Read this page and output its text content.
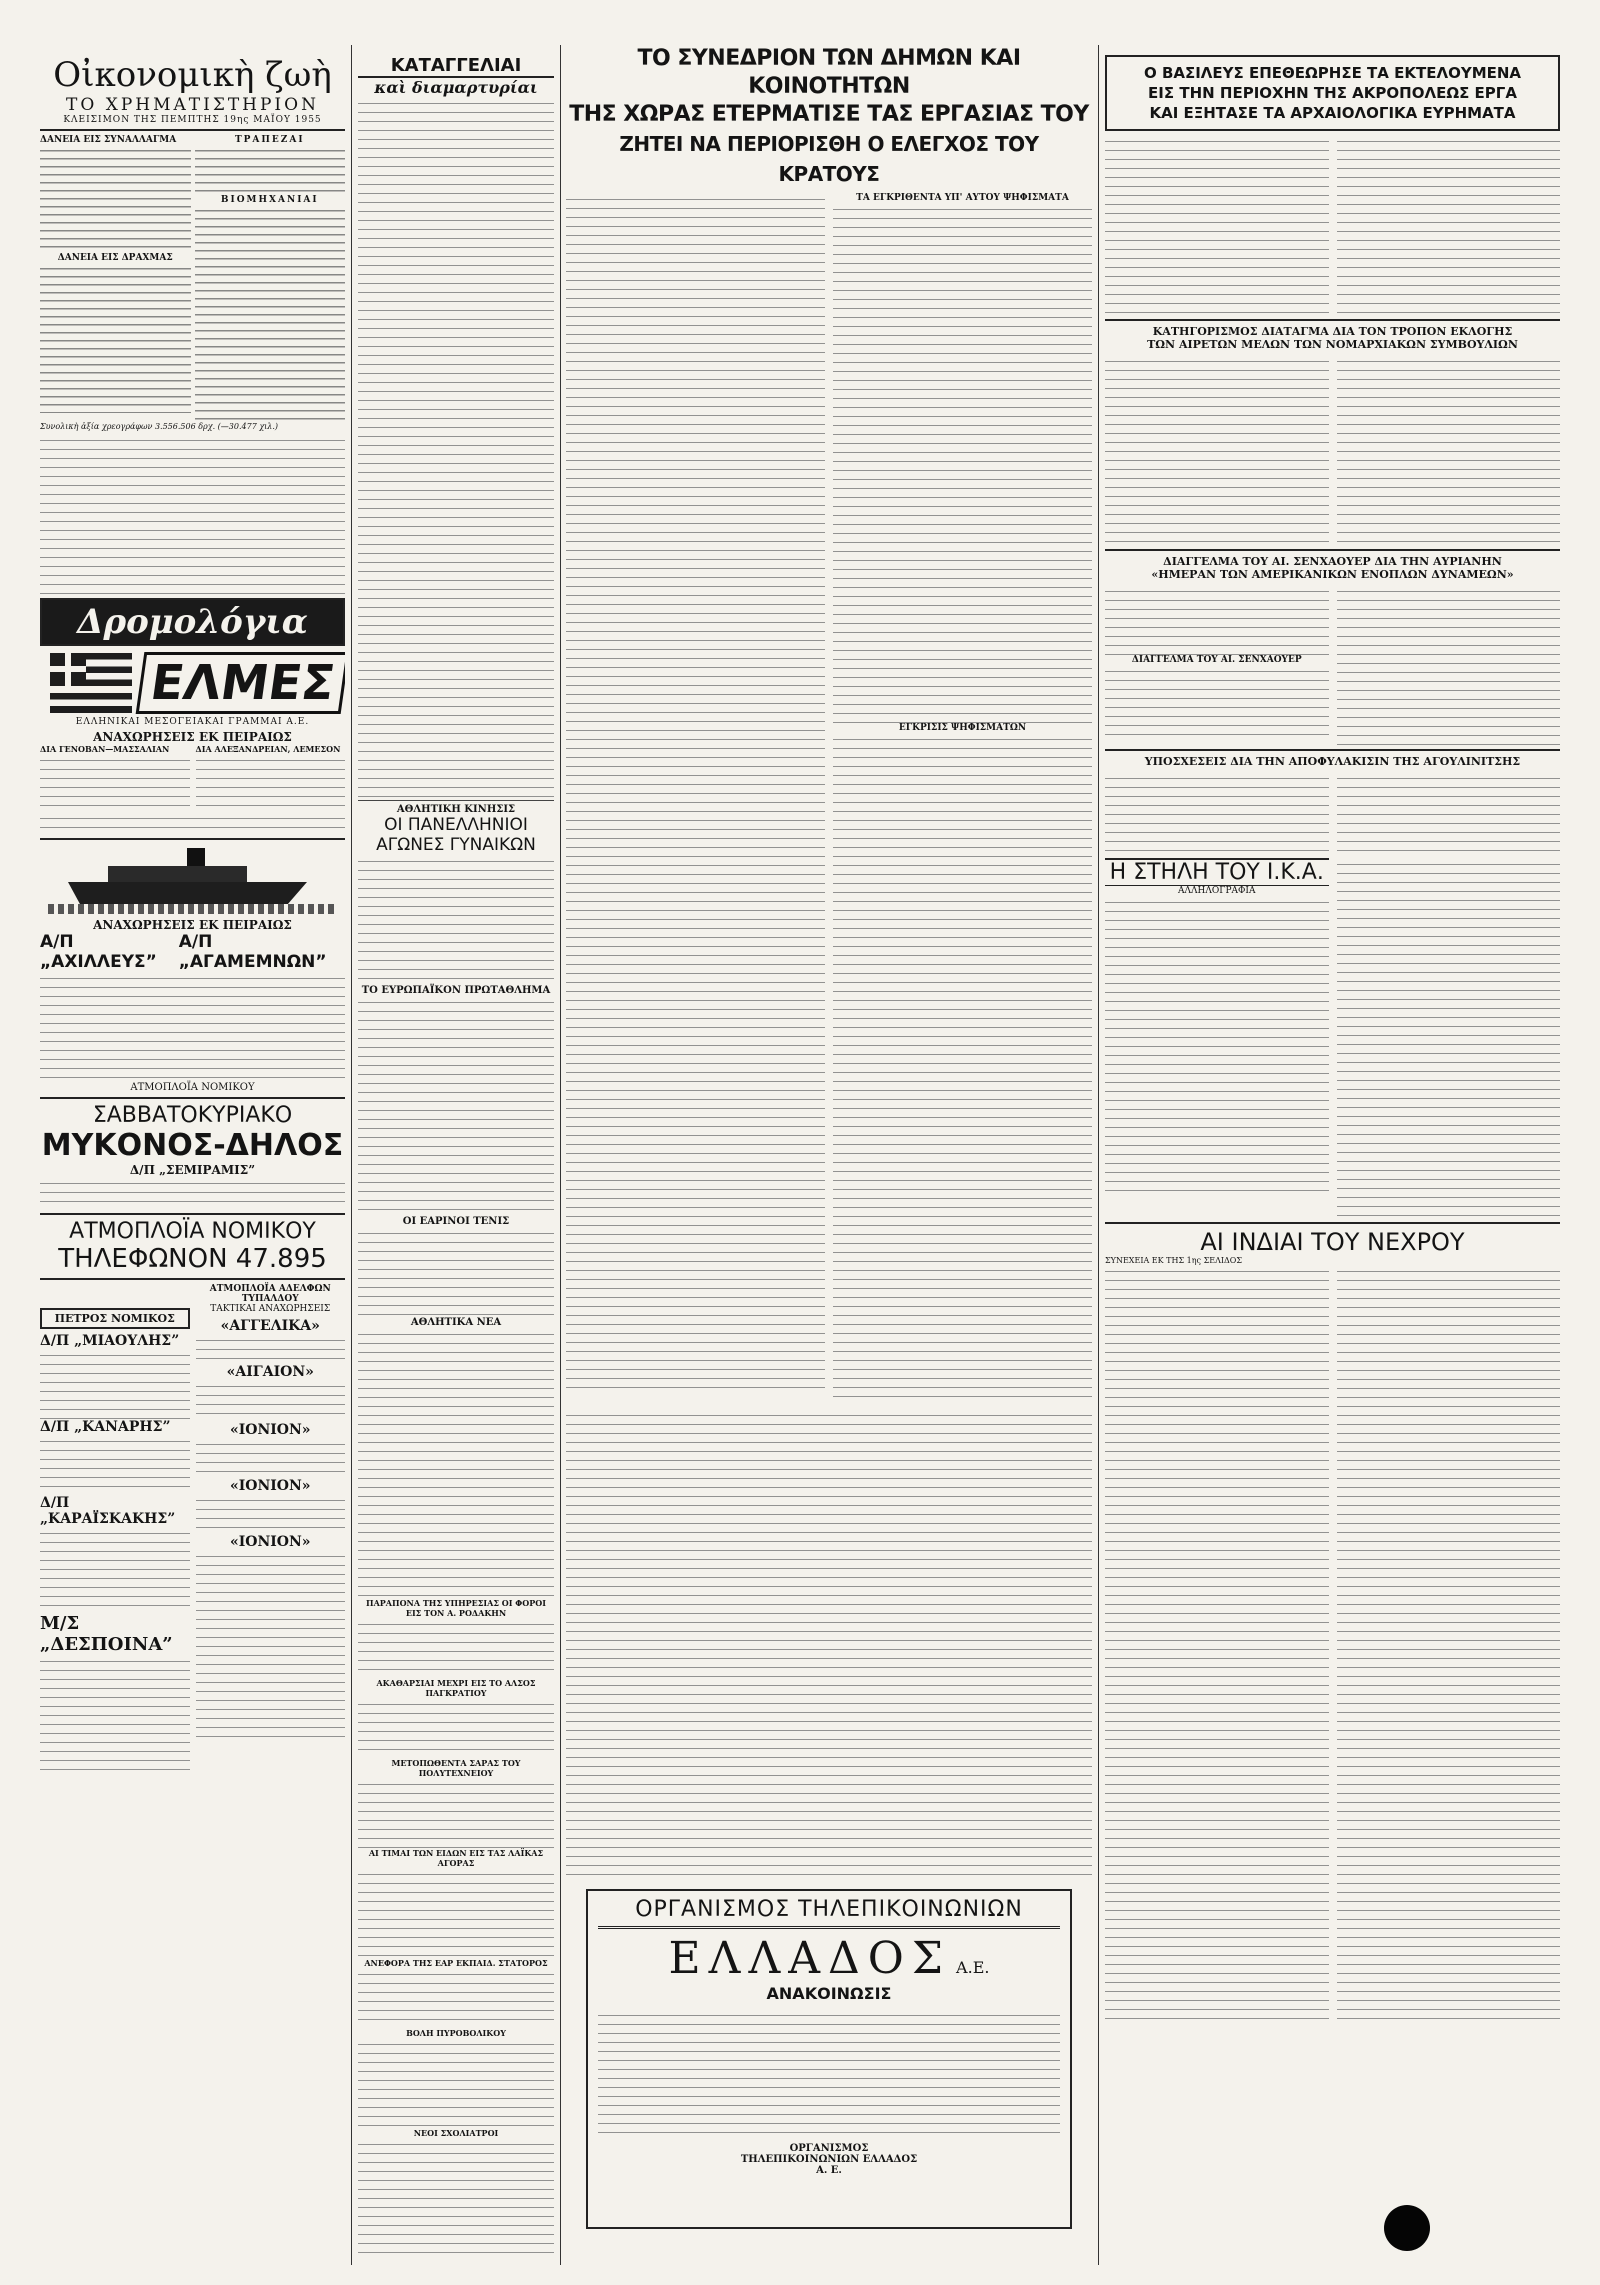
Οἰκονομικὴ ζωὴ
ΤΟ ΧΡΗΜΑΤΙΣΤΗΡΙΟΝ
ΚΛΕΙΣΙΜΟΝ ΤΗΣ ΠΕΜΠΤΗΣ 19ης ΜΑΪΟΥ 1955
ΔΑΝΕΙΑ ΕΙΣ ΣΥΝΑΛΛΑΓΜΑ
ΔΑΝΕΙΑ ΕΙΣ ΔΡΑΧΜΑΣ
ΤΡΑΠΕΖΑΙ
ΒΙΟΜΗΧΑΝΙΑΙ
Συνολικὴ ἀξία χρεογράφων 3.556.506 δρχ. (—30.477 χιλ.)
Δρομολόγια
ΕΛΜΕΣ
ΕΛΛΗΝΙΚΑΙ ΜΕΣΟΓΕΙΑΚΑΙ ΓΡΑΜΜΑΙ Α.Ε.
ΑΝΑΧΩΡΗΣΕΙΣ ΕΚ ΠΕΙΡΑΙΩΣ
ΔΙΑ ΓΕΝΟΒΑΝ—ΜΑΣΣΑΛΙΑΝ	ΔΙΑ ΑΛΕΞΑΝΔΡΕΙΑΝ, ΛΕΜΕΣΟΝ
ΑΝΑΧΩΡΗΣΕΙΣ ΕΚ ΠΕΙΡΑΙΩΣ
Α/Π „ΑΧΙΛΛΕΥΣ”
Α/Π „ΑΓΑΜΕΜΝΩΝ”
ΑΤΜΟΠΛΟΪΑ ΝΟΜΙΚΟΥ
ΣΑΒΒΑΤΟΚΥΡΙΑΚΟ
ΜΥΚΟΝΟΣ-ΔΗΛΟΣ
Δ/Π „ΣΕΜΙΡΑΜΙΣ”
ΑΤΜΟΠΛΟΪΑ ΝΟΜΙΚΟΥ
ΤΗΛΕΦΩΝΟΝ 47.895
ΠΕΤΡΟΣ ΝΟΜΙΚΟΣ
Δ/Π „ΜΙΑΟΥΛΗΣ”
Δ/Π „ΚΑΝΑΡΗΣ”
Δ/Π „ΚΑΡΑΪΣΚΑΚΗΣ”
Μ/Σ „ΔΕΣΠΟΙΝΑ”
ΑΤΜΟΠΛΟΪΑ ΑΔΕΛΦΩΝ ΤΥΠΑΛΔΟΥ
ΤΑΚΤΙΚΑΙ ΑΝΑΧΩΡΗΣΕΙΣ
«ΑΓΓΕΛΙΚΑ»
«ΑΙΓΑΙΟΝ»
«ΙΟΝΙΟΝ»
«ΙΟΝΙΟΝ»
«ΙΟΝΙΟΝ»
ΚΑΤΑΓΓΕΛΙΑΙ
καὶ διαμαρτυρίαι
ΑΘΛΗΤΙΚΗ ΚΙΝΗΣΙΣ
ΟΙ ΠΑΝΕΛΛΗΝΙΟΙ ΑΓΩΝΕΣ ΓΥΝΑΙΚΩΝ
ΤΟ ΕΥΡΩΠΑΪΚΟΝ ΠΡΩΤΑΘΛΗΜΑ
ΟΙ ΕΑΡΙΝΟΙ ΤΕΝΙΣ
ΑΘΛΗΤΙΚΑ ΝΕΑ
ΠΑΡΑΠΟΝΑ ΤΗΣ ΥΠΗΡΕΣΙΑΣ ΟΙ ΦΟΡΟΙ ΕΙΣ ΤΟΝ Α. ΡΟΔΑΚΗΝ
ΑΚΑΘΑΡΣΙΑΙ ΜΕΧΡΙ ΕΙΣ ΤΟ ΑΛΣΟΣ ΠΑΓΚΡΑΤΙΟΥ
ΜΕΤΟΠΩΘΕΝΤΑ ΣΑΡΑΣ ΤΟΥ ΠΟΛΥΤΕΧΝΕΙΟΥ
ΑΙ ΤΙΜΑΙ ΤΩΝ ΕΙΔΩΝ ΕΙΣ ΤΑΣ ΛΑΪΚΑΣ ΑΓΟΡΑΣ
ΑΝΕΦΟΡΑ ΤΗΣ ΕΑΡ ΕΚΠΑΙΔ. ΣΤΑΤΟΡΟΣ
ΒΟΛΗ ΠΥΡΟΒΟΛΙΚΟΥ
ΝΕΟΙ ΣΧΟΛΙΑΤΡΟΙ
ΤΟ ΣΥΝΕΔΡΙΟΝ ΤΩΝ ΔΗΜΩΝ ΚΑΙ ΚΟΙΝΟΤΗΤΩΝ
ΤΗΣ ΧΩΡΑΣ ΕΤΕΡΜΑΤΙΣΕ ΤΑΣ ΕΡΓΑΣΙΑΣ ΤΟΥ
ΖΗΤΕΙ ΝΑ ΠΕΡΙΟΡΙΣΘΗ Ο ΕΛΕΓΧΟΣ ΤΟΥ ΚΡΑΤΟΥΣ
ΤΑ ΕΓΚΡΙΘΕΝΤΑ ΥΠ' ΑΥΤΟΥ ΨΗΦΙΣΜΑΤΑ
ΕΓΚΡΙΣΙΣ ΨΗΦΙΣΜΑΤΩΝ
ΟΡΓΑΝΙΣΜΟΣ ΤΗΛΕΠΙΚΟΙΝΩΝΙΩΝ
ΕΛΛΑΔΟΣ Α.Ε.
ΑΝΑΚΟΙΝΩΣΙΣ
ΟΡΓΑΝΙΣΜΟΣ ΤΗΛΕΠΙΚΟΙΝΩΝΙΩΝ ΕΛΛΑΔΟΣ Α. Ε.
Ο ΒΑΣΙΛΕΥΣ ΕΠΕΘΕΩΡΗΣΕ ΤΑ ΕΚΤΕΛΟΥΜΕΝΑ
ΕΙΣ ΤΗΝ ΠΕΡΙΟΧΗΝ ΤΗΣ ΑΚΡΟΠΟΛΕΩΣ ΕΡΓΑ
ΚΑΙ ΕΞΗΤΑΣΕ ΤΑ ΑΡΧΑΙΟΛΟΓΙΚΑ ΕΥΡΗΜΑΤΑ
ΚΑΤΗΓΟΡΙΣΜΟΣ ΔΙΑΤΑΓΜΑ ΔΙΑ ΤΟΝ ΤΡΟΠΟΝ ΕΚΛΟΓΗΣ
ΤΩΝ ΑΙΡΕΤΩΝ ΜΕΛΩΝ ΤΩΝ ΝΟΜΑΡΧΙΑΚΩΝ ΣΥΜΒΟΥΛΙΩΝ
ΔΙΑΓΓΕΛΜΑ ΤΟΥ ΑΙ. ΣΕΝΧΑΟΥΕΡ ΔΙΑ ΤΗΝ ΑΥΡΙΑΝΗΝ
«ΗΜΕΡΑΝ ΤΩΝ ΑΜΕΡΙΚΑΝΙΚΩΝ ΕΝΟΠΛΩΝ ΔΥΝΑΜΕΩΝ»
ΔΙΑΓΓΕΛΜΑ ΤΟΥ ΑΙ. ΣΕΝΧΑΟΥΕΡ
ΥΠΟΣΧΕΣΕΙΣ ΔΙΑ ΤΗΝ ΑΠΟΦΥΛΑΚΙΣΙΝ ΤΗΣ ΑΓΟΥΛΙΝΙΤΣΗΣ
Η ΣΤΗΛΗ ΤΟΥ Ι.Κ.Α.
ΑΛΛΗΛΟΓΡΑΦΙΑ
ΑΙ ΙΝΔΙΑΙ ΤΟΥ ΝΕΧΡΟΥ
ΣΥΝΕΧΕΙΑ ΕΚ ΤΗΣ 1ης ΣΕΛΙΔΟΣ
